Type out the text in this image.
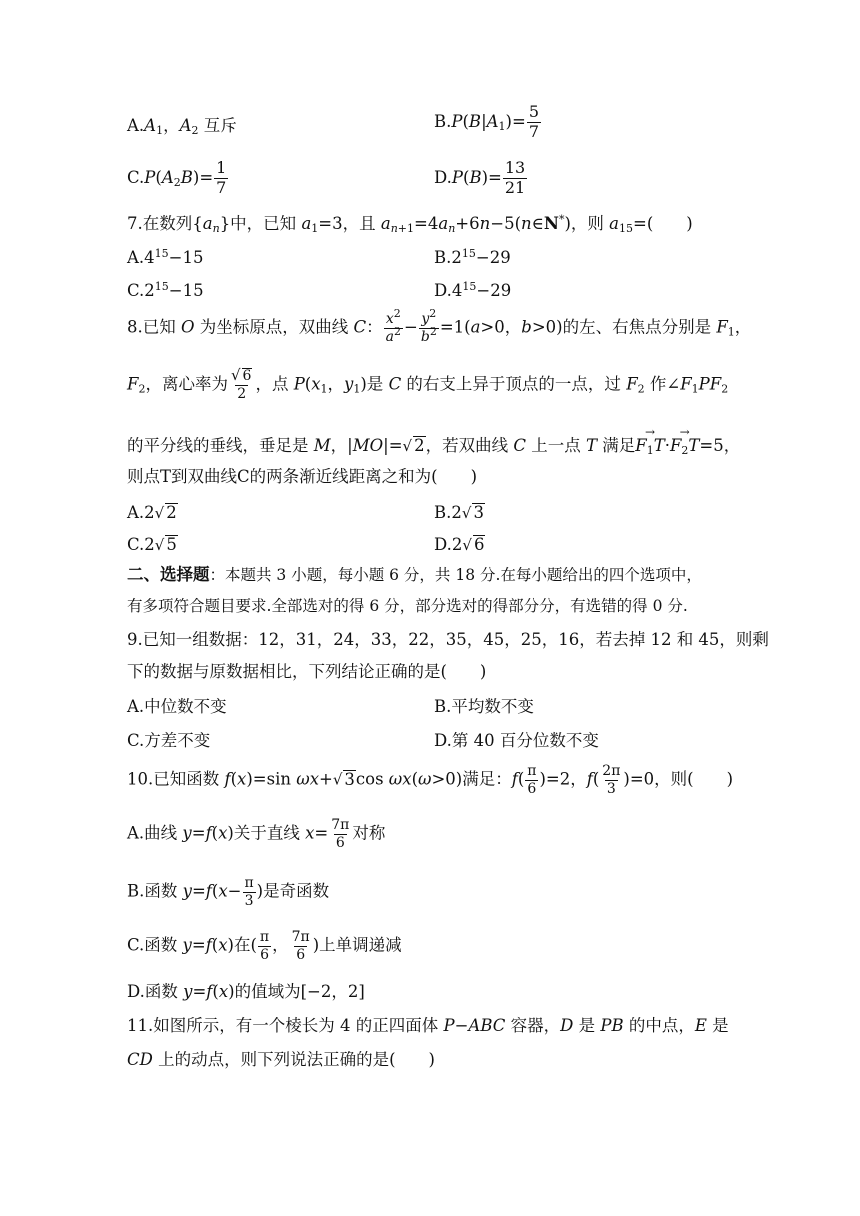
$A.A_1$，$A_2$ 互斥	$B.P(B|A_1)= \frac{5}{7}$
$C.P(A_2B)= \frac{1}{7}$	$D.P(B)= \frac{13}{21}$
7.在数列$\{a_n\}$中，已知 $a_1=3$，且 $a_{n+1}=4a_n+6n-5(n\in N^*)$，则 $a_{15}=$(　　)
$A.4^{15}-15$	$B.2^{15}-29$
$C.2^{15}-15$	$D.4^{15}-29$
8.已知 O 为坐标原点，双曲线 C： $\frac{x^2}{a^2} - \frac{y^2}{b^2} =1(a>0$，b>0)的左、右焦点分别是 $F_1$，
$F_2$，离心率为 $\frac{√ 6}{2}$ ，点 $P(x_1$，$y_1$)是 C 的右支上异于顶点的一点，过 $F_2$ 作$\angle F_1PF_2$
的平分线的垂线，垂足是 M，|MO|=√ 2，若双曲线 C 上一点 T 满足→ $F_1T\cdot\to F_2T=5$，
则点T到双曲线C的两条渐近线距离之和为(　　)
A.2√ 2	B.2√ 3
C.2√ 5	D.2√ 6
二、选择题：本题共 3 小题，每小题 6 分，共 18 分.在每小题给出的四个选项中，
有多项符合题目要求.全部选对的得 6 分，部分选对的得部分分，有选错的得 0 分.
9.已知一组数据：12，31，24，33，22，35，45，25，16，若去掉 12 和 45，则剩
下的数据与原数据相比，下列结论正确的是(　　)
A.中位数不变	B.平均数不变
C.方差不变	D.第 40 百分位数不变
10.已知函数 f(x)=sin ωx+√ 3cos ωx(ω>0)满足：$f( \frac{\pi}{6} )=2$，$f( \frac{2\pi}{3} )=0$，则(　　)
A.曲线 y=f(x)关于直线 $x= \frac{7\pi}{6}$ 对称
B.函数 $y=f(x- \frac{\pi}{3}$ )是奇函数
C.函数 y=f(x)在( $\frac{\pi}{6}$ ， $\frac{7\pi}{6}$ )上单调递减
D.函数 y=f(x)的值域为[−2，2]
11.如图所示，有一个棱长为 4 的正四面体 P−ABC 容器，D 是 PB 的中点，E 是
CD 上的动点，则下列说法正确的是(　　)
